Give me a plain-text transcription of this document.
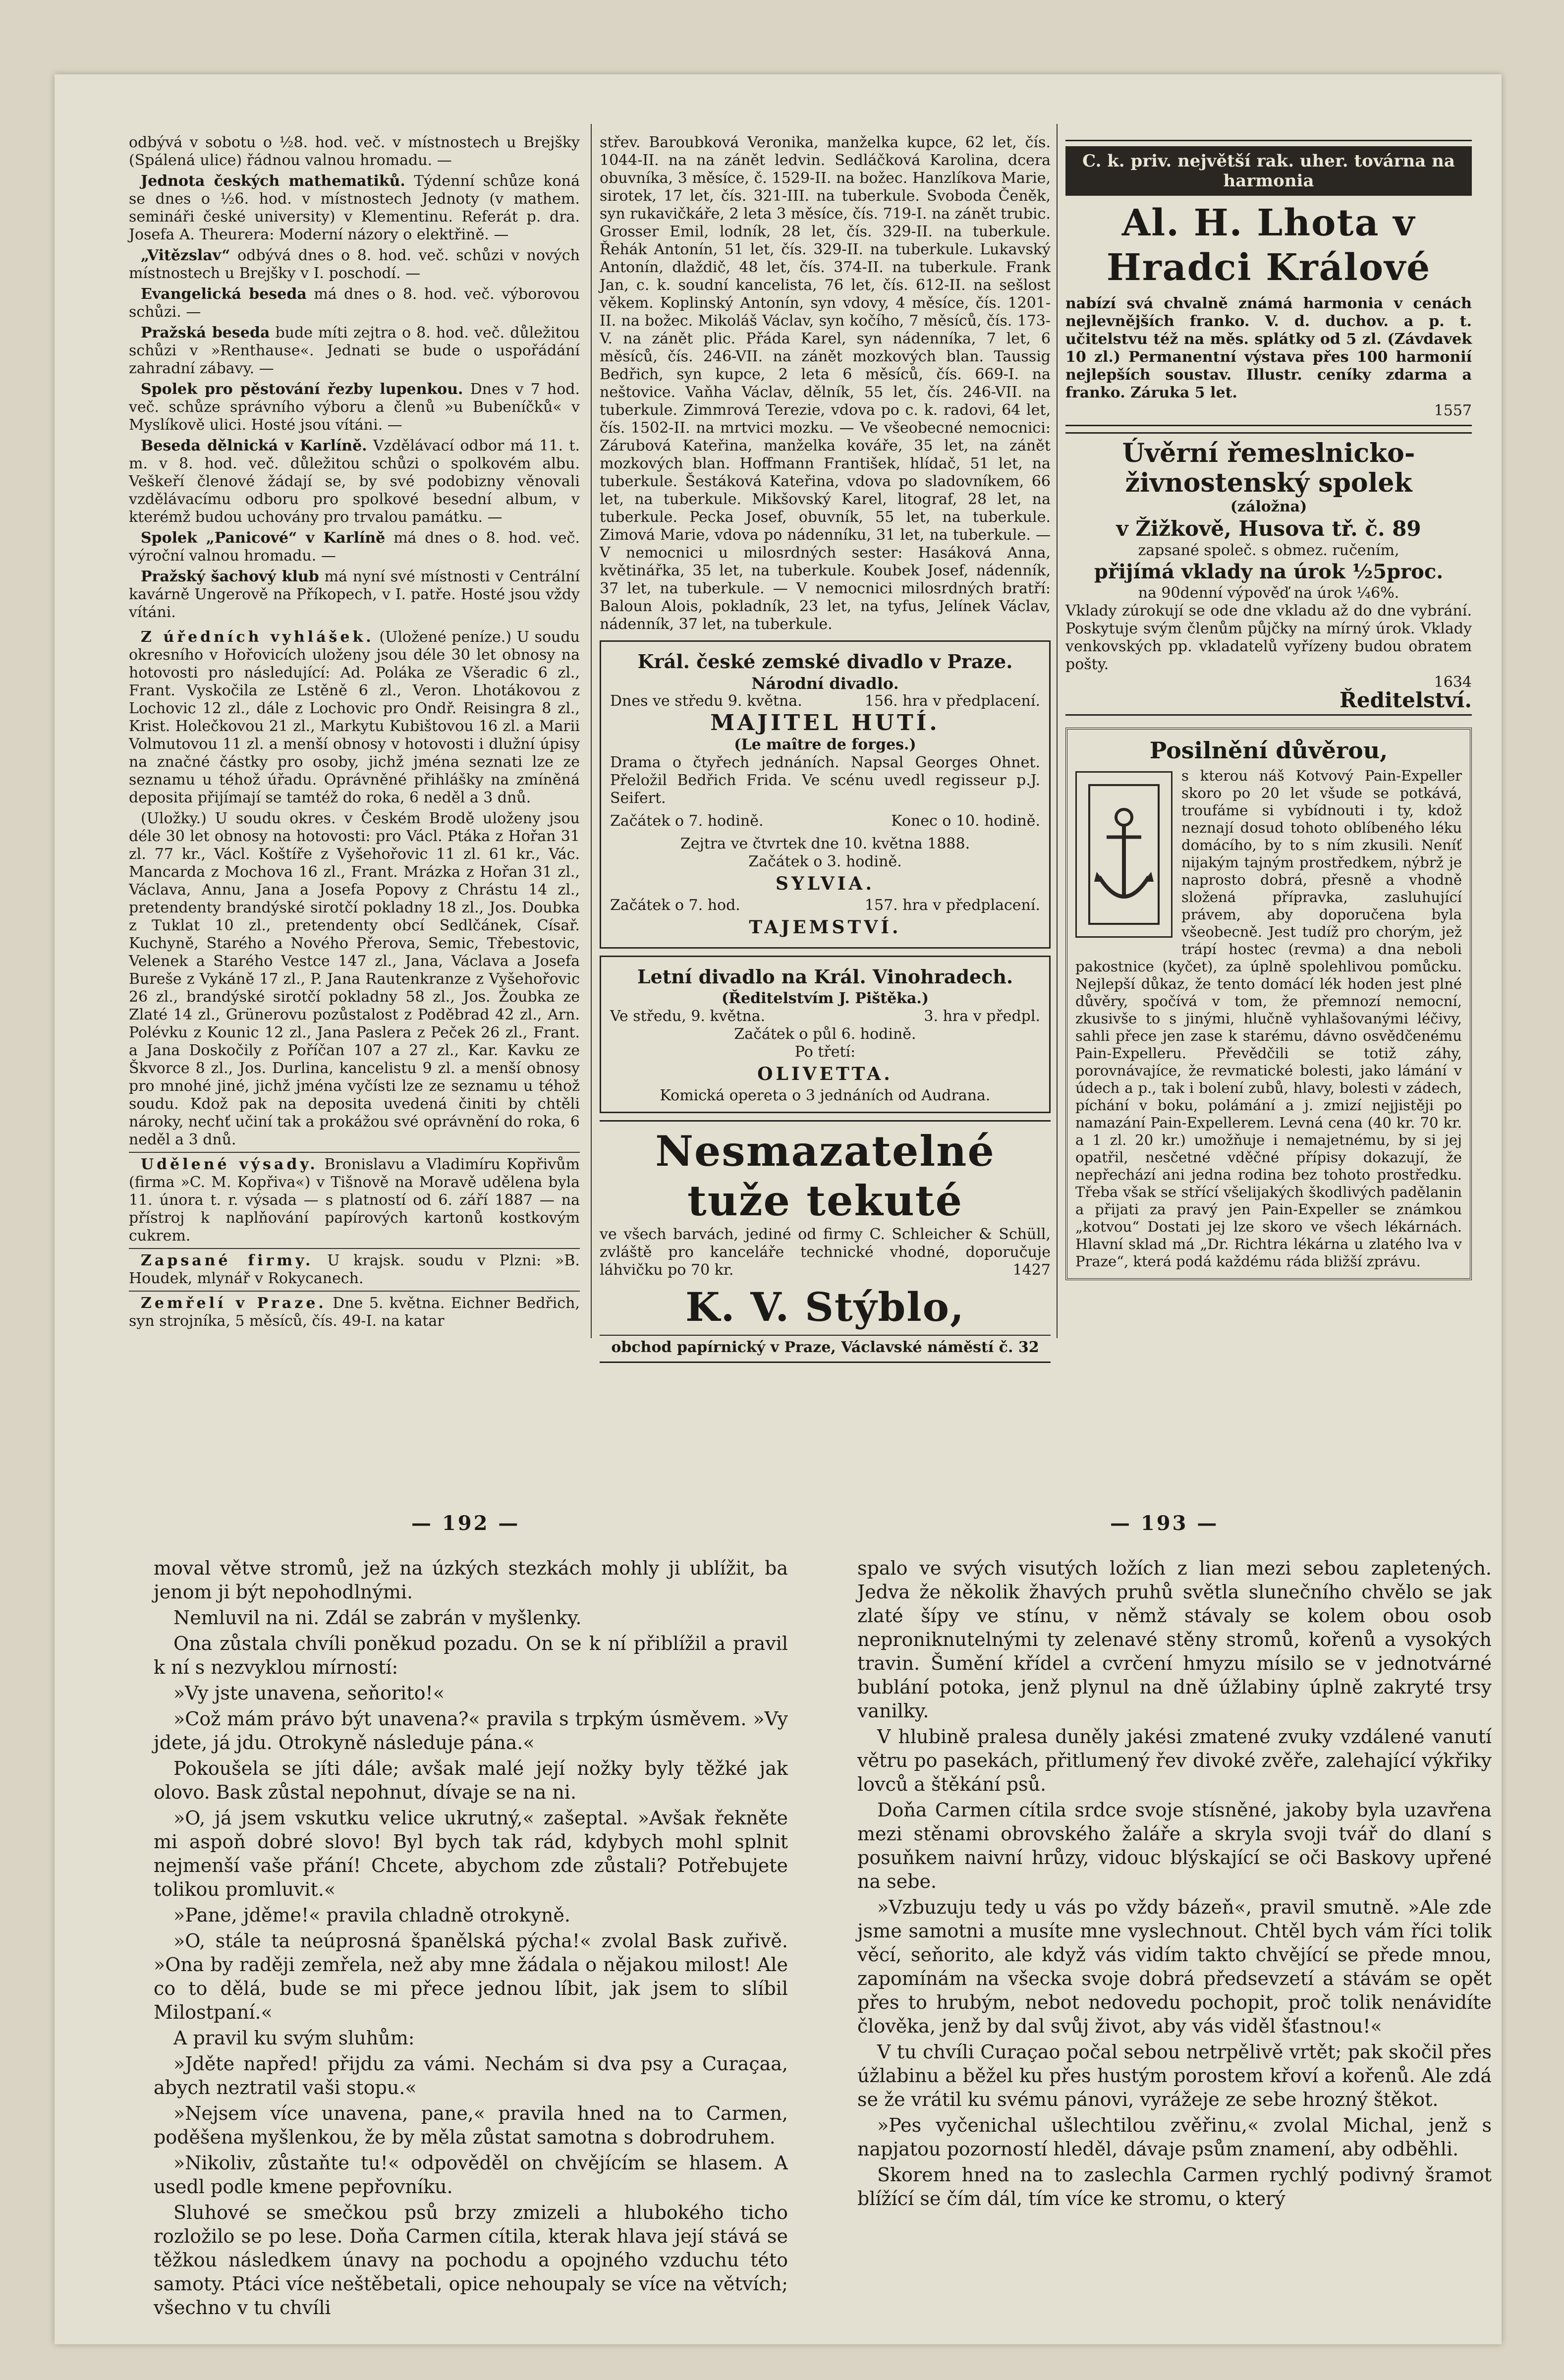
odbývá v sobotu o ½8. hod. več. v místnostech u Brejšky (Spálená ulice) řádnou valnou hromadu. —

Jednota českých mathematiků. Týdenní schůze koná se dnes o ½6. hod. v místnostech Jednoty (v mathem. semináři české university) v Klementinu. Referát p. dra. Josefa A. Theurera: Moderní názory o elektřině. —

„Vitězslav“ odbývá dnes o 8. hod. več. schůzi v nových místnostech u Brejšky v I. poschodí. —

Evangelická beseda má dnes o 8. hod. več. výborovou schůzi. —

Pražská beseda bude míti zejtra o 8. hod. več. důležitou schůzi v »Renthause«. Jednati se bude o uspořádání zahradní zábavy. —

Spolek pro pěstování řezby lupenkou. Dnes v 7 hod. več. schůze správního výboru a členů »u Bubeníčků« v Myslíkově ulici. Hosté jsou vítáni. —

Beseda dělnická v Karlíně. Vzdělávací odbor má 11. t. m. v 8. hod. več. důležitou schůzi o spolkovém albu. Veškeří členové žádají se, by své podobizny věnovali vzdělávacímu odboru pro spolkové besední album, v kterémž budou uchovány pro trvalou památku. —

Spolek „Panicové“ v Karlíně má dnes o 8. hod. več. výroční valnou hromadu. —

Pražský šachový klub má nyní své místnosti v Centrální kavárně Ungerově na Příkopech, v I. patře. Hosté jsou vždy vítáni.

Z úředních vyhlášek. (Uložené peníze.) U soudu okresního v Hořovicích uloženy jsou déle 30 let obnosy na hotovosti pro následující: Ad. Poláka ze Všeradic 6 zl., Frant. Vyskočila ze Lstěně 6 zl., Veron. Lhotákovou z Lochovic 12 zl., dále z Lochovic pro Ondř. Reisingra 8 zl., Krist. Holečkovou 21 zl., Markytu Kubištovou 16 zl. a Marii Volmutovou 11 zl. a menší obnosy v hotovosti i dlužní úpisy na značné částky pro osoby, jichž jména seznati lze ze seznamu u téhož úřadu. Oprávněné přihlášky na zmíněná deposita přijímají se tamtéž do roka, 6 neděl a 3 dnů.

(Uložky.) U soudu okres. v Českém Brodě uloženy jsou déle 30 let obnosy na hotovosti: pro Václ. Ptáka z Hořan 31 zl. 77 kr., Václ. Koštíře z Vyšehořovic 11 zl. 61 kr., Vác. Mancarda z Mochova 16 zl., Frant. Mrázka z Hořan 31 zl., Václava, Annu, Jana a Josefa Popovy z Chrástu 14 zl., pretendenty brandýské sirotčí pokladny 18 zl., Jos. Doubka z Tuklat 10 zl., pretendenty obcí Sedlčánek, Císař. Kuchyně, Starého a Nového Přerova, Semic, Třebestovic, Velenek a Starého Vestce 147 zl., Jana, Václava a Josefa Bureše z Vykáně 17 zl., P. Jana Rautenkranze z Vyšehořovic 26 zl., brandýské sirotčí pokladny 58 zl., Jos. Žoubka ze Zlaté 14 zl., Grünerovu pozůstalost z Poděbrad 42 zl., Arn. Polévku z Kounic 12 zl., Jana Paslera z Peček 26 zl., Frant. a Jana Doskočily z Poříčan 107 a 27 zl., Kar. Kavku ze Škvorce 8 zl., Jos. Durlina, kancelistu 9 zl. a menší obnosy pro mnohé jiné, jichž jména vyčísti lze ze seznamu u téhož soudu. Kdož pak na deposita uvedená činiti by chtěli nároky, nechť učiní tak a prokážou své oprávnění do roka, 6 neděl a 3 dnů.

Udělené výsady. Bronislavu a Vladimíru Kopřivům (firma »C. M. Kopřiva«) v Tišnově na Moravě udělena byla 11. února t. r. výsada — s platností od 6. září 1887 — na přístroj k naplňování papírových kartonů kostkovým cukrem.

Zapsané firmy. U krajsk. soudu v Plzni: »B. Houdek, mlynář v Rokycanech.

Zemřelí v Praze. Dne 5. května. Eichner Bedřich, syn strojníka, 5 měsíců, čís. 49-I. na katar

střev. Baroubková Veronika, manželka kupce, 62 let, čís. 1044-II. na na zánět ledvin. Sedláčková Karolina, dcera obuvníka, 3 měsíce, č. 1529-II. na božec. Hanzlíkova Marie, sirotek, 17 let, čís. 321-III. na tuberkule. Svoboda Čeněk, syn rukavičkáře, 2 leta 3 měsíce, čís. 719-I. na zánět trubic. Grosser Emil, lodník, 28 let, čís. 329-II. na tuberkule. Řehák Antonín, 51 let, čís. 329-II. na tuberkule. Lukavský Antonín, dlaždič, 48 let, čís. 374-II. na tuberkule. Frank Jan, c. k. soudní kancelista, 76 let, čís. 612-II. na sešlost věkem. Koplinský Antonín, syn vdovy, 4 měsíce, čís. 1201-II. na božec. Mikoláš Václav, syn kočího, 7 měsíců, čís. 173-V. na zánět plic. Přáda Karel, syn nádenníka, 7 let, 6 měsíců, čís. 246-VII. na zánět mozkových blan. Taussig Bedřich, syn kupce, 2 leta 6 měsíců, čís. 669-I. na neštovice. Vaňha Václav, dělník, 55 let, čís. 246-VII. na tuberkule. Zimmrová Terezie, vdova po c. k. radovi, 64 let, čís. 1502-II. na mrtvici mozku. — Ve všeobecné nemocnici: Zárubová Kateřina, manželka kováře, 35 let, na zánět mozkových blan. Hoffmann František, hlídač, 51 let, na tuberkule. Šestáková Kateřina, vdova po sladovníkem, 66 let, na tuberkule. Mikšovský Karel, litograf, 28 let, na tuberkule. Pecka Josef, obuvník, 55 let, na tuberkule. Zimová Marie, vdova po nádenníku, 31 let, na tuberkule. — V nemocnici u milosrdných sester: Hasáková Anna, květinářka, 35 let, na tuberkule. Koubek Josef, nádenník, 37 let, na tuberkule. — V nemocnici milosrdných bratří: Baloun Alois, pokladník, 23 let, na tyfus, Jelínek Václav, nádenník, 37 let, na tuberkule.

Král. české zemské divadlo v Praze.
Národní divadlo.
Dnes ve středu 9. května.	156. hra v předplacení.
MAJITEL HUTÍ.
(Le maître de forges.)
Drama o čtyřech jednáních. Napsal Georges Ohnet. Přeložil Bedřich Frida. Ve scénu uvedl regisseur p.J. Seifert.
Začátek o 7. hodině.	Konec o 10. hodině.
Zejtra ve čtvrtek dne 10. května 1888.
Začátek o 3. hodině.
SYLVIA.
Začátek o 7. hod.	157. hra v předplacení.
TAJEMSTVÍ.
Letní divadlo na Král. Vinohradech.
(Ředitelstvím J. Pištěka.)
Ve středu, 9. května.	3. hra v předpl.
Začátek o půl 6. hodině.
Po třetí:
OLIVETTA.
Komická opereta o 3 jednáních od Audrana.
Nesmazatelné tuže tekuté
ve všech barvách, jediné od firmy C. Schleicher & Schüll, zvláště pro kanceláře technické vhodné, doporučuje láhvičku po 70 kr.	1427
K. V. Stýblo,
obchod papírnický v Praze, Václavské náměstí č. 32
C. k. priv. největší rak. uher. továrna na harmonia
Al. H. Lhota v Hradci Králové
nabízí svá chvalně známá harmonia v cenách nejlevnějších franko. V. d. duchov. a p. t. učitelstvu též na měs. splátky od 5 zl. (Závdavek 10 zl.) Permanentní výstava přes 100 harmonií nejlepších soustav. Illustr. ceníky zdarma a franko. Záruka 5 let.
1557
Úvěrní řemeslnicko-živnostenský spolek
(záložna)
v Žižkově, Husova tř. č. 89
zapsané společ. s obmez. ručením,
přijímá vklady na úrok ½5proc.
na 90denní výpověď na úrok ¼6%.
Vklady zúrokují se ode dne vkladu až do dne vybrání. Poskytuje svým členům půjčky na mírný úrok. Vklady venkovských pp. vkladatelů vyřízeny budou obratem pošty.
1634
Ředitelství.
Posilnění důvěrou,
s kterou náš Kotvový Pain-Expeller skoro po 20 let všude se potkává, troufáme si vybídnouti i ty, kdož neznají dosud tohoto oblíbeného léku domácího, by to s ním zkusili. Neníť nijakým tajným prostředkem, nýbrž je naprosto dobrá, přesně a vhodně složená přípravka, zasluhující právem, aby doporučena byla všeobecně. Jest tudíž pro chorým, jež trápí hostec (revma) a dna neboli pakostnice (kyčet), za úplně spolehlivou pomůcku. Nejlepší důkaz, že tento domácí lék hoden jest plné důvěry, spočívá v tom, že přemnozí nemocní, zkusivše to s jinými, hlučně vyhlašovanými léčivy, sahli přece jen zase k starému, dávno osvědčenému Pain-Expelleru. Převědčili se totiž záhy, porovnávajíce, že revmatické bolesti, jako lámání v údech a p., tak i bolení zubů, hlavy, bolesti v zádech, píchání v boku, polámání a j. zmizí nejjistěji po namazání Pain-Expellerem. Levná cena (40 kr. 70 kr. a 1 zl. 20 kr.) umožňuje i nemajetnému, by si jej opatřil, nesčetné vděčné přípisy dokazují, že nepřechází ani jedna rodina bez tohoto prostředku. Třeba však se střící všelijakých škodlivých padělanin a přijati za pravý jen Pain-Expeller se známkou „kotvou“ Dostati jej lze skoro ve všech lékárnách. Hlavní sklad má „Dr. Richtra lékárna u zlatého lva v Praze“, která podá každému ráda bližší zprávu.
— 192 —	— 193 —

moval větve stromů, jež na úzkých stezkách mohly ji ublížit, ba jenom ji být nepohodlnými.

Nemluvil na ni. Zdál se zabrán v myšlenky.

Ona zůstala chvíli poněkud pozadu. On se k ní přiblížil a pravil k ní s nezvyklou mírností:

»Vy jste unavena, seňorito!«

»Což mám právo být unavena?« pravila s trpkým úsměvem. »Vy jdete, já jdu. Otrokyně následuje pána.«

Pokoušela se jíti dále; avšak malé její nožky byly těžké jak olovo. Bask zůstal nepohnut, dívaje se na ni.

»O, já jsem vskutku velice ukrutný,« zašeptal. »Avšak řekněte mi aspoň dobré slovo! Byl bych tak rád, kdybych mohl splnit nejmenší vaše přání! Chcete, abychom zde zůstali? Potřebujete tolikou promluvit.«

»Pane, jděme!« pravila chladně otrokyně.

»O, stále ta neúprosná španělská pýcha!« zvolal Bask zuřivě. »Ona by raději zemřela, než aby mne žádala o nějakou milost! Ale co to dělá, bude se mi přece jednou líbit, jak jsem to slíbil Milostpaní.«

A pravil ku svým sluhům:

»Jděte napřed! přijdu za vámi. Nechám si dva psy a Curaçaa, abych neztratil vaši stopu.«

»Nejsem více unavena, pane,« pravila hned na to Carmen, poděšena myšlenkou, že by měla zůstat samotna s dobrodruhem.

»Nikoliv, zůstaňte tu!« odpověděl on chvějícím se hlasem. A usedl podle kmene pepřovníku.

Sluhové se smečkou psů brzy zmizeli a hlubokého ticho rozložilo se po lese. Doňa Carmen cítila, kterak hlava její stává se těžkou následkem únavy na pochodu a opojného vzduchu této samoty. Ptáci více neštěbetali, opice nehoupaly se více na větvích; všechno v tu chvíli

spalo ve svých visutých ložích z lian mezi sebou zapletených. Jedva že několik žhavých pruhů světla slunečního chvělo se jak zlaté šípy ve stínu, v němž stávaly se kolem obou osob neproniknutelnými ty zelenavé stěny stromů, kořenů a vysokých travin. Šumění křídel a cvrčení hmyzu mísilo se v jednotvárné bublání potoka, jenž plynul na dně úžlabiny úplně zakryté trsy vanilky.

V hlubině pralesa duněly jakési zmatené zvuky vzdálené vanutí větru po pasekách, přitlumený řev divoké zvěře, zalehající výkřiky lovců a štěkání psů.

Doňa Carmen cítila srdce svoje stísněné, jakoby byla uzavřena mezi stěnami obrovského žaláře a skryla svoji tvář do dlaní s posuňkem naivní hrůzy, vidouc blýskající se oči Baskovy upřené na sebe.

»Vzbuzuju tedy u vás po vždy bázeň«, pravil smutně. »Ale zde jsme samotni a musíte mne vyslechnout. Chtěl bych vám říci tolik věcí, seňorito, ale když vás vidím takto chvějící se přede mnou, zapomínám na všecka svoje dobrá předsevzetí a stávám se opět přes to hrubým, nebot nedovedu pochopit, proč tolik nenávidíte člověka, jenž by dal svůj život, aby vás viděl šťastnou!«

V tu chvíli Curaçao počal sebou netrpělivě vrtět; pak skočil přes úžlabinu a běžel ku přes hustým porostem křoví a kořenů. Ale zdá se že vrátil ku svému pánovi, vyrážeje ze sebe hrozný štěkot.

»Pes vyčenichal ušlechtilou zvěřinu,« zvolal Michal, jenž s napjatou pozorností hleděl, dávaje psům znamení, aby odběhli.

Skorem hned na to zaslechla Carmen rychlý podivný šramot blížící se čím dál, tím více ke stromu, o který
